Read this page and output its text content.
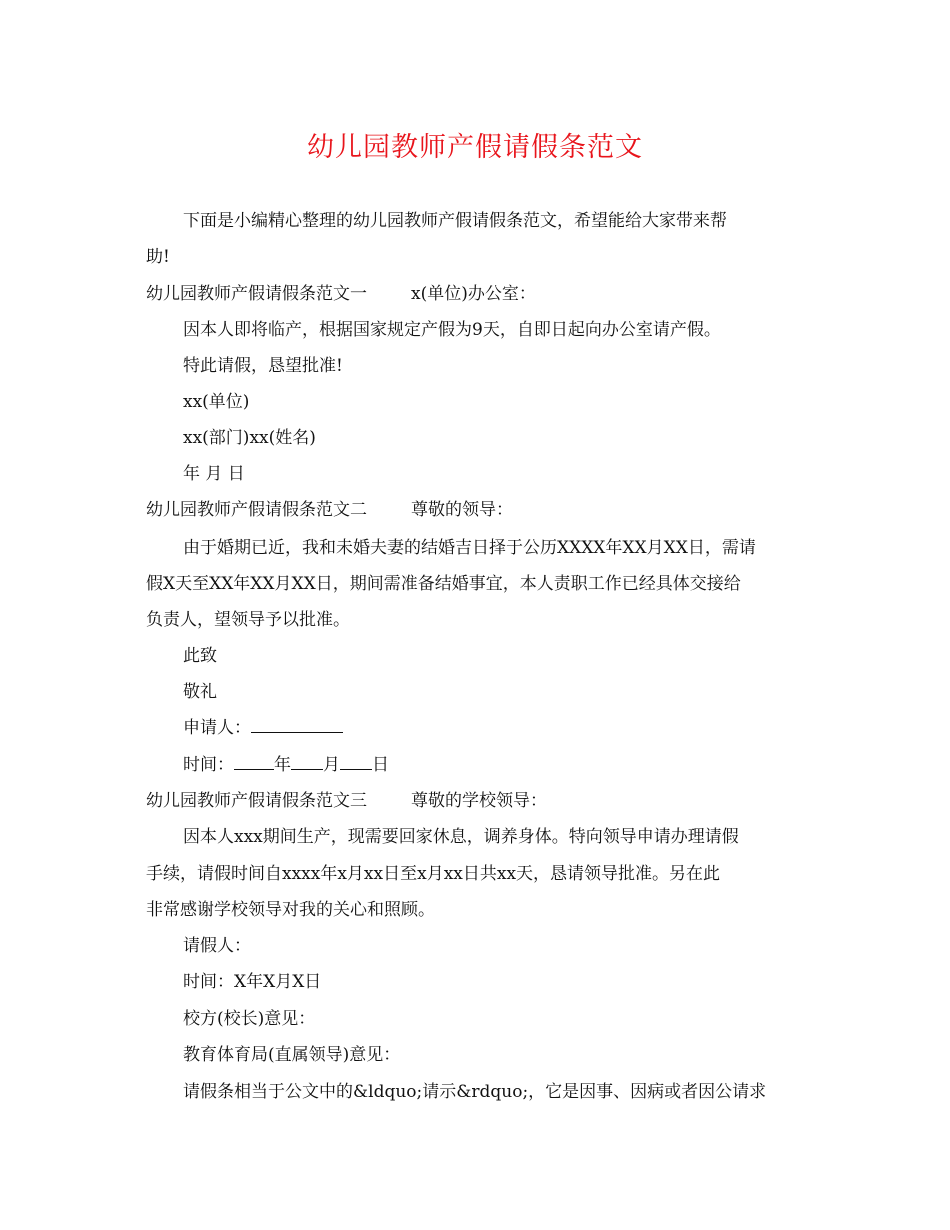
幼儿园教师产假请假条范文
下面是小编精心整理的幼儿园教师产假请假条范文，希望能给大家带来帮
助!
幼儿园教师产假请假条范文一	x(单位)办公室：
因本人即将临产，根据国家规定产假为9天，自即日起向办公室请产假。
特此请假，恳望批准!
xx(单位)
xx(部门)xx(姓名)
年 月 日
幼儿园教师产假请假条范文二	尊敬的领导：
由于婚期已近，我和未婚夫妻的结婚吉日择于公历XXXX年XX月XX日，需请
假X天至XX年XX月XX日，期间需准备结婚事宜，本人责职工作已经具体交接给
负责人，望领导予以批准。
此致
敬礼
申请人：
时间： 年 月 日
幼儿园教师产假请假条范文三	尊敬的学校领导：
因本人xxx期间生产，现需要回家休息，调养身体。特向领导申请办理请假
手续，请假时间自xxxx年x月xx日至x月xx日共xx天，恳请领导批准。另在此
非常感谢学校领导对我的关心和照顾。
请假人：
时间：X年X月X日
校方(校长)意见：
教育体育局(直属领导)意见：
请假条相当于公文中的&ldquo;请示&rdquo;，它是因事、因病或者因公请求
